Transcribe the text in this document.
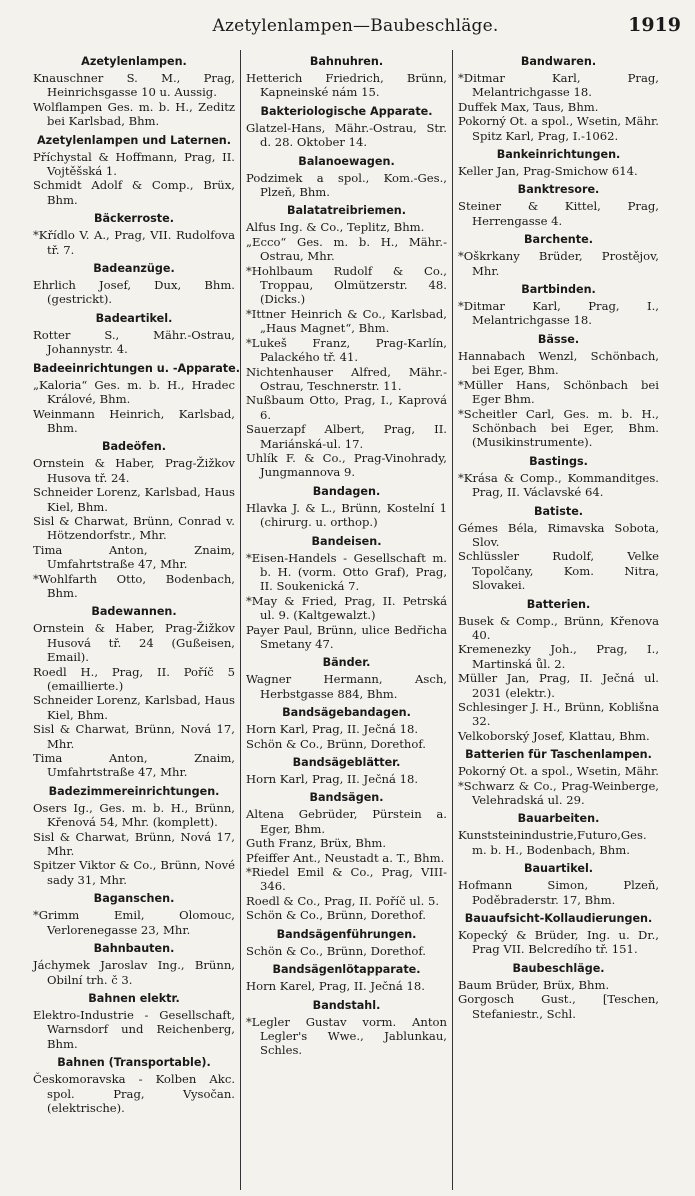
Azetylenlampen—Baubeschläge.	1919
Azetylenlampen.

Knauschner S. M., Prag, Heinrichsgasse 10 u. Aussig.

Wolflampen Ges. m. b. H., Zeditz bei Karlsbad, Bhm.

Azetylenlampen und Laternen.

Příchystal & Hoffmann, Prag, II. Vojtěšská 1.

Schmidt Adolf & Comp., Brüx, Bhm.

Bäckerroste.

*Křídlo V. A., Prag, VII. Rudolfova tř. 7.

Badeanzüge.

Ehrlich Josef, Dux, Bhm. (gestrickt).

Badeartikel.

Rotter S., Mähr.-Ostrau, Johannystr. 4.

Badeeinrichtungen u. -Apparate.

„Kaloria“ Ges. m. b. H., Hradec Králové, Bhm.

Weinmann Heinrich, Karlsbad, Bhm.

Badeöfen.

Ornstein & Haber, Prag-Žižkov Husova tř. 24.

Schneider Lorenz, Karlsbad, Haus Kiel, Bhm.

Sisl & Charwat, Brünn, Conrad v. Hötzendorfstr., Mhr.

Tima Anton, Znaim, Umfahrtstraße 47, Mhr.

*Wohlfarth Otto, Bodenbach, Bhm.

Badewannen.

Ornstein & Haber, Prag-Žižkov Husová tř. 24 (Gußeisen, Email).

Roedl H., Prag, II. Poříč 5 (emaillierte.)

Schneider Lorenz, Karlsbad, Haus Kiel, Bhm.

Sisl & Charwat, Brünn, Nová 17, Mhr.

Tima Anton, Znaim, Umfahrtstraße 47, Mhr.

Badezimmereinrichtungen.

Osers Ig., Ges. m. b. H., Brünn, Křenová 54, Mhr. (komplett).

Sisl & Charwat, Brünn, Nová 17, Mhr.

Spitzer Viktor & Co., Brünn, Nové sady 31, Mhr.

Baganschen.

*Grimm Emil, Olomouc, Verlorenegasse 23, Mhr.

Bahnbauten.

Jáchymek Jaroslav Ing., Brünn, Obilní trh. č 3.

Bahnen elektr.

Elektro-Industrie - Gesellschaft, Warnsdorf und Reichenberg, Bhm.

Bahnen (Transportable).

Českomoravska - Kolben Akc. spol. Prag, Vysočan. (elektrische).

Bahnuhren.

Hetterich Friedrich, Brünn, Kapneinské nám 15.

Bakteriologische Apparate.

Glatzel-Hans, Mähr.-Ostrau, Str. d. 28. Oktober 14.

Balanoewagen.

Podzimek a spol., Kom.-Ges., Plzeň, Bhm.

Balatatreibriemen.

Alfus Ing. & Co., Teplitz, Bhm.

„Ecco“ Ges. m. b. H., Mähr.-Ostrau, Mhr.

*Hohlbaum Rudolf & Co., Troppau, Olmützerstr. 48. (Dicks.)

*Ittner Heinrich & Co., Karlsbad, „Haus Magnet“, Bhm.

*Lukeš Franz, Prag-Karlín, Palackého tř. 41.

Nichtenhauser Alfred, Mähr.-Ostrau, Teschnerstr. 11.

Nußbaum Otto, Prag, I., Kaprová 6.

Sauerzapf Albert, Prag, II. Mariánská-ul. 17.

Uhlík F. & Co., Prag-Vinohrady, Jungmannova 9.

Bandagen.

Hlavka J. & L., Brünn, Kostelní 1 (chirurg. u. orthop.)

Bandeisen.

*Eisen-Handels - Gesellschaft m. b. H. (vorm. Otto Graf), Prag, II. Soukenická 7.

*May & Fried, Prag, II. Petrská ul. 9. (Kaltgewalzt.)

Payer Paul, Brünn, ulice Bedřicha Smetany 47.

Bänder.

Wagner Hermann, Asch, Herbstgasse 884, Bhm.

Bandsägebandagen.

Horn Karl, Prag, II. Ječná 18.

Schön & Co., Brünn, Dorethof.

Bandsägeblätter.

Horn Karl, Prag, II. Ječná 18.

Bandsägen.

Altena Gebrüder, Pürstein a. Eger, Bhm.

Guth Franz, Brüx, Bhm.

Pfeiffer Ant., Neustadt a. T., Bhm.

*Riedel Emil & Co., Prag, VIII-346.

Roedl & Co., Prag, II. Poříč ul. 5.

Schön & Co., Brünn, Dorethof.

Bandsägenführungen.

Schön & Co., Brünn, Dorethof.

Bandsägenlötapparate.

Horn Karel, Prag, II. Ječná 18.

Bandstahl.

*Legler Gustav vorm. Anton Legler's Wwe., Jablunkau, Schles.

Bandwaren.

*Ditmar Karl, Prag, Melantrichgasse 18.

Duffek Max, Taus, Bhm.

Pokorný Ot. a spol., Wsetin, Mähr. Spitz Karl, Prag, I.-1062.

Bankeinrichtungen.

Keller Jan, Prag-Smichow 614.

Banktresore.

Steiner & Kittel, Prag, Herrengasse 4.

Barchente.

*Oškrkany Brüder, Prostějov, Mhr.

Bartbinden.

*Ditmar Karl, Prag, I., Melantrichgasse 18.

Bässe.

Hannabach Wenzl, Schönbach, bei Eger, Bhm.

*Müller Hans, Schönbach bei Eger Bhm.

*Scheitler Carl, Ges. m. b. H., Schönbach bei Eger, Bhm. (Musikinstrumente).

Bastings.

*Krása & Comp., Kommanditges. Prag, II. Václavské 64.

Batiste.

Gémes Béla, Rimavska Sobota, Slov.

Schlüssler Rudolf, Velke Topolčany, Kom. Nitra, Slovakei.

Batterien.

Busek & Comp., Brünn, Křenova 40.

Kremenezky Joh., Prag, I., Martinská ůl. 2.

Müller Jan, Prag, II. Ječná ul. 2031 (elektr.).

Schlesinger J. H., Brünn, Koblišna 32.

Velkoborský Josef, Klattau, Bhm.

Batterien für Taschenlampen.

Pokorný Ot. a spol., Wsetin, Mähr.

*Schwarz & Co., Prag-Weinberge, Velehradská ul. 29.

Bauarbeiten.

Kunststeinindustrie,Futuro,Ges. m. b. H., Bodenbach, Bhm.

Bauartikel.

Hofmann Simon, Plzeň, Poděbraderstr. 17, Bhm.

Bauaufsicht-Kollaudierungen.

Kopecký & Brüder, Ing. u. Dr., Prag VII. Belcredího tř. 151.

Baubeschläge.

Baum Brüder, Brüx, Bhm.

Gorgosch Gust., [Teschen, Stefaniestr., Schl.
